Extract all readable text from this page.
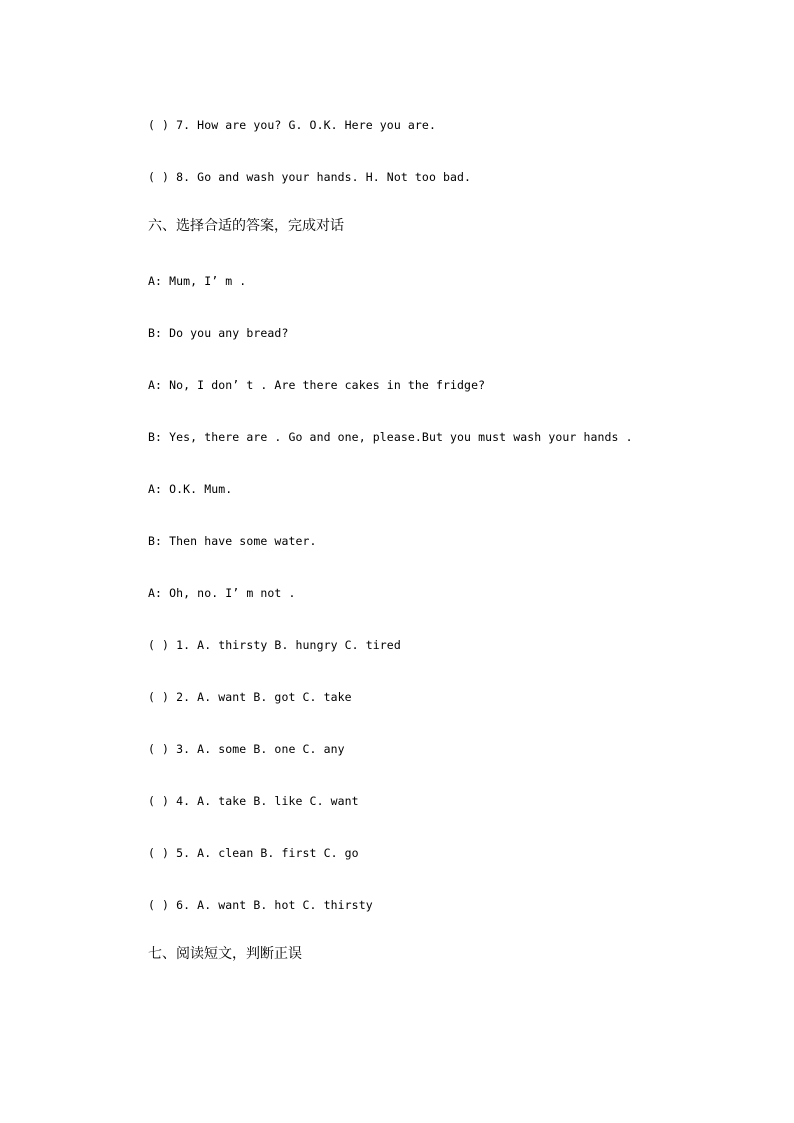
( ) 7. How are you? G. O.K. Here you are.
( ) 8. Go and wash your hands. H. Not too bad.
六、选择合适的答案，完成对话
A: Mum, I’ m .
B: Do you any bread?
A: No, I don’ t . Are there cakes in the fridge?
B: Yes, there are . Go and one, please.But you must wash your hands .
A: O.K. Mum.
B: Then have some water.
A: Oh, no. I’ m not .
( ) 1. A. thirsty B. hungry C. tired
( ) 2. A. want B. got C. take
( ) 3. A. some B. one C. any
( ) 4. A. take B. like C. want
( ) 5. A. clean B. first C. go
( ) 6. A. want B. hot C. thirsty
七、阅读短文，判断正误
